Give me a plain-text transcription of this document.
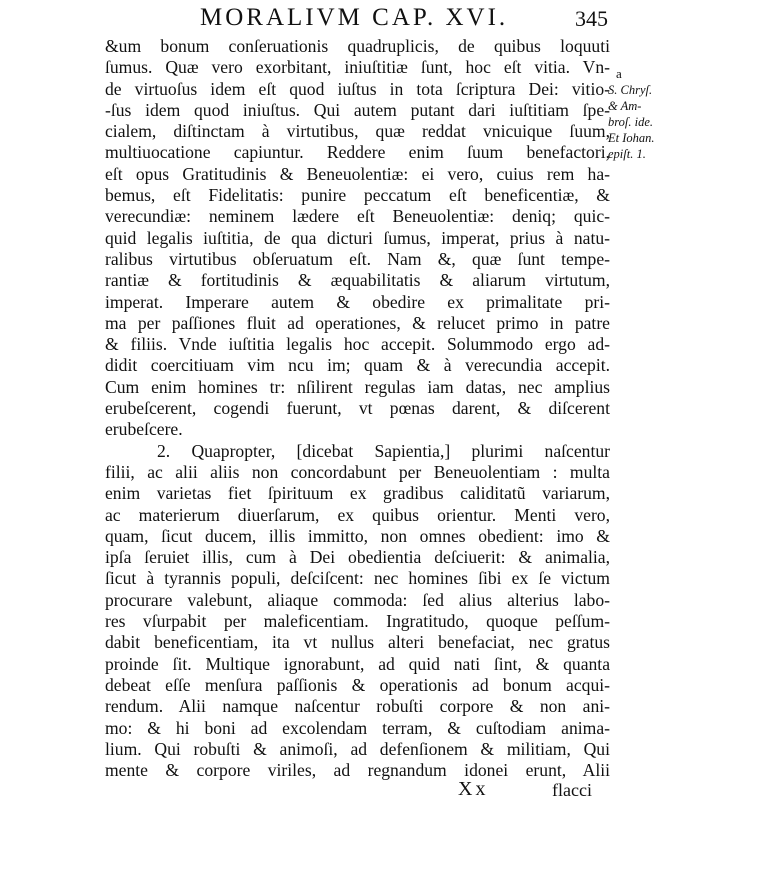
MORALIVM CAP. XVI.	345
&um bonum conſeruationis quadruplicis, de quibus loquuti
ſumus. Quæ vero exorbitant, iniuſtitiæ ſunt, hoc eſt vitia. Vn-
de virtuoſus idem eſt quod iuſtus in tota ſcriptura Dei: vitio-
-ſus idem quod iniuſtus. Qui autem putant dari iuſtitiam ſpe-
cialem, diſtinctam à virtutibus, quæ reddat vnicuique ſuum,
multiuocatione capiuntur. Reddere enim ſuum benefactori,
eſt opus Gratitudinis & Beneuolentiæ: ei vero, cuius rem ha-
bemus, eſt Fidelitatis: punire peccatum eſt beneficentiæ, &
verecundiæ: neminem lædere eſt Beneuolentiæ: deniq; quic-
quid legalis iuſtitia, de qua dicturi ſumus, imperat, prius à natu-
ralibus virtutibus obſeruatum eſt. Nam &, quæ ſunt tempe-
rantiæ & fortitudinis & æquabilitatis & aliarum virtutum,
imperat. Imperare autem & obedire ex primalitate pri-
ma per paſſiones fluit ad operationes, & relucet primo in patre
& filiis. Vnde iuſtitia legalis hoc accepit. Solummodo ergo ad-
didit coercitiuam vim ncu im; quam & à verecundia accepit.
Cum enim homines tr: nſilirent regulas iam datas, nec amplius
erubeſcerent, cogendi fuerunt, vt pœnas darent, & diſcerent
erubeſcere.
2. Quapropter, [dicebat Sapientia,] plurimi naſcentur
filii, ac alii aliis non concordabunt per Beneuolentiam : multa
enim varietas fiet ſpirituum ex gradibus caliditatũ variarum,
ac materierum diuerſarum, ex quibus orientur. Menti vero,
quam, ſicut ducem, illis immitto, non omnes obedient: imo &
ipſa ſeruiet illis, cum à Dei obedientia deſciuerit: & animalia,
ſicut à tyrannis populi, deſciſcent: nec homines ſibi ex ſe victum
procurare valebunt, aliaque commoda: ſed alius alterius labo-
res vſurpabit per maleficentiam. Ingratitudo, quoque peſſum-
dabit beneficentiam, ita vt nullus alteri benefaciat, nec gratus
proinde ſit. Multique ignorabunt, ad quid nati ſint, & quanta
debeat eſſe menſura paſſionis & operationis ad bonum acqui-
rendum. Alii namque naſcentur robuſti corpore & non ani-
mo: & hi boni ad excolendam terram, & cuſtodiam anima-
lium. Qui robuſti & animoſi, ad defenſionem & militiam, Qui
mente & corpore viriles, ad regnandum idonei erunt, Alii
a
S. Chryſ.
& Am-
broſ. ide.
Et Iohan.
epiſt. 1.
Xx	flacci
